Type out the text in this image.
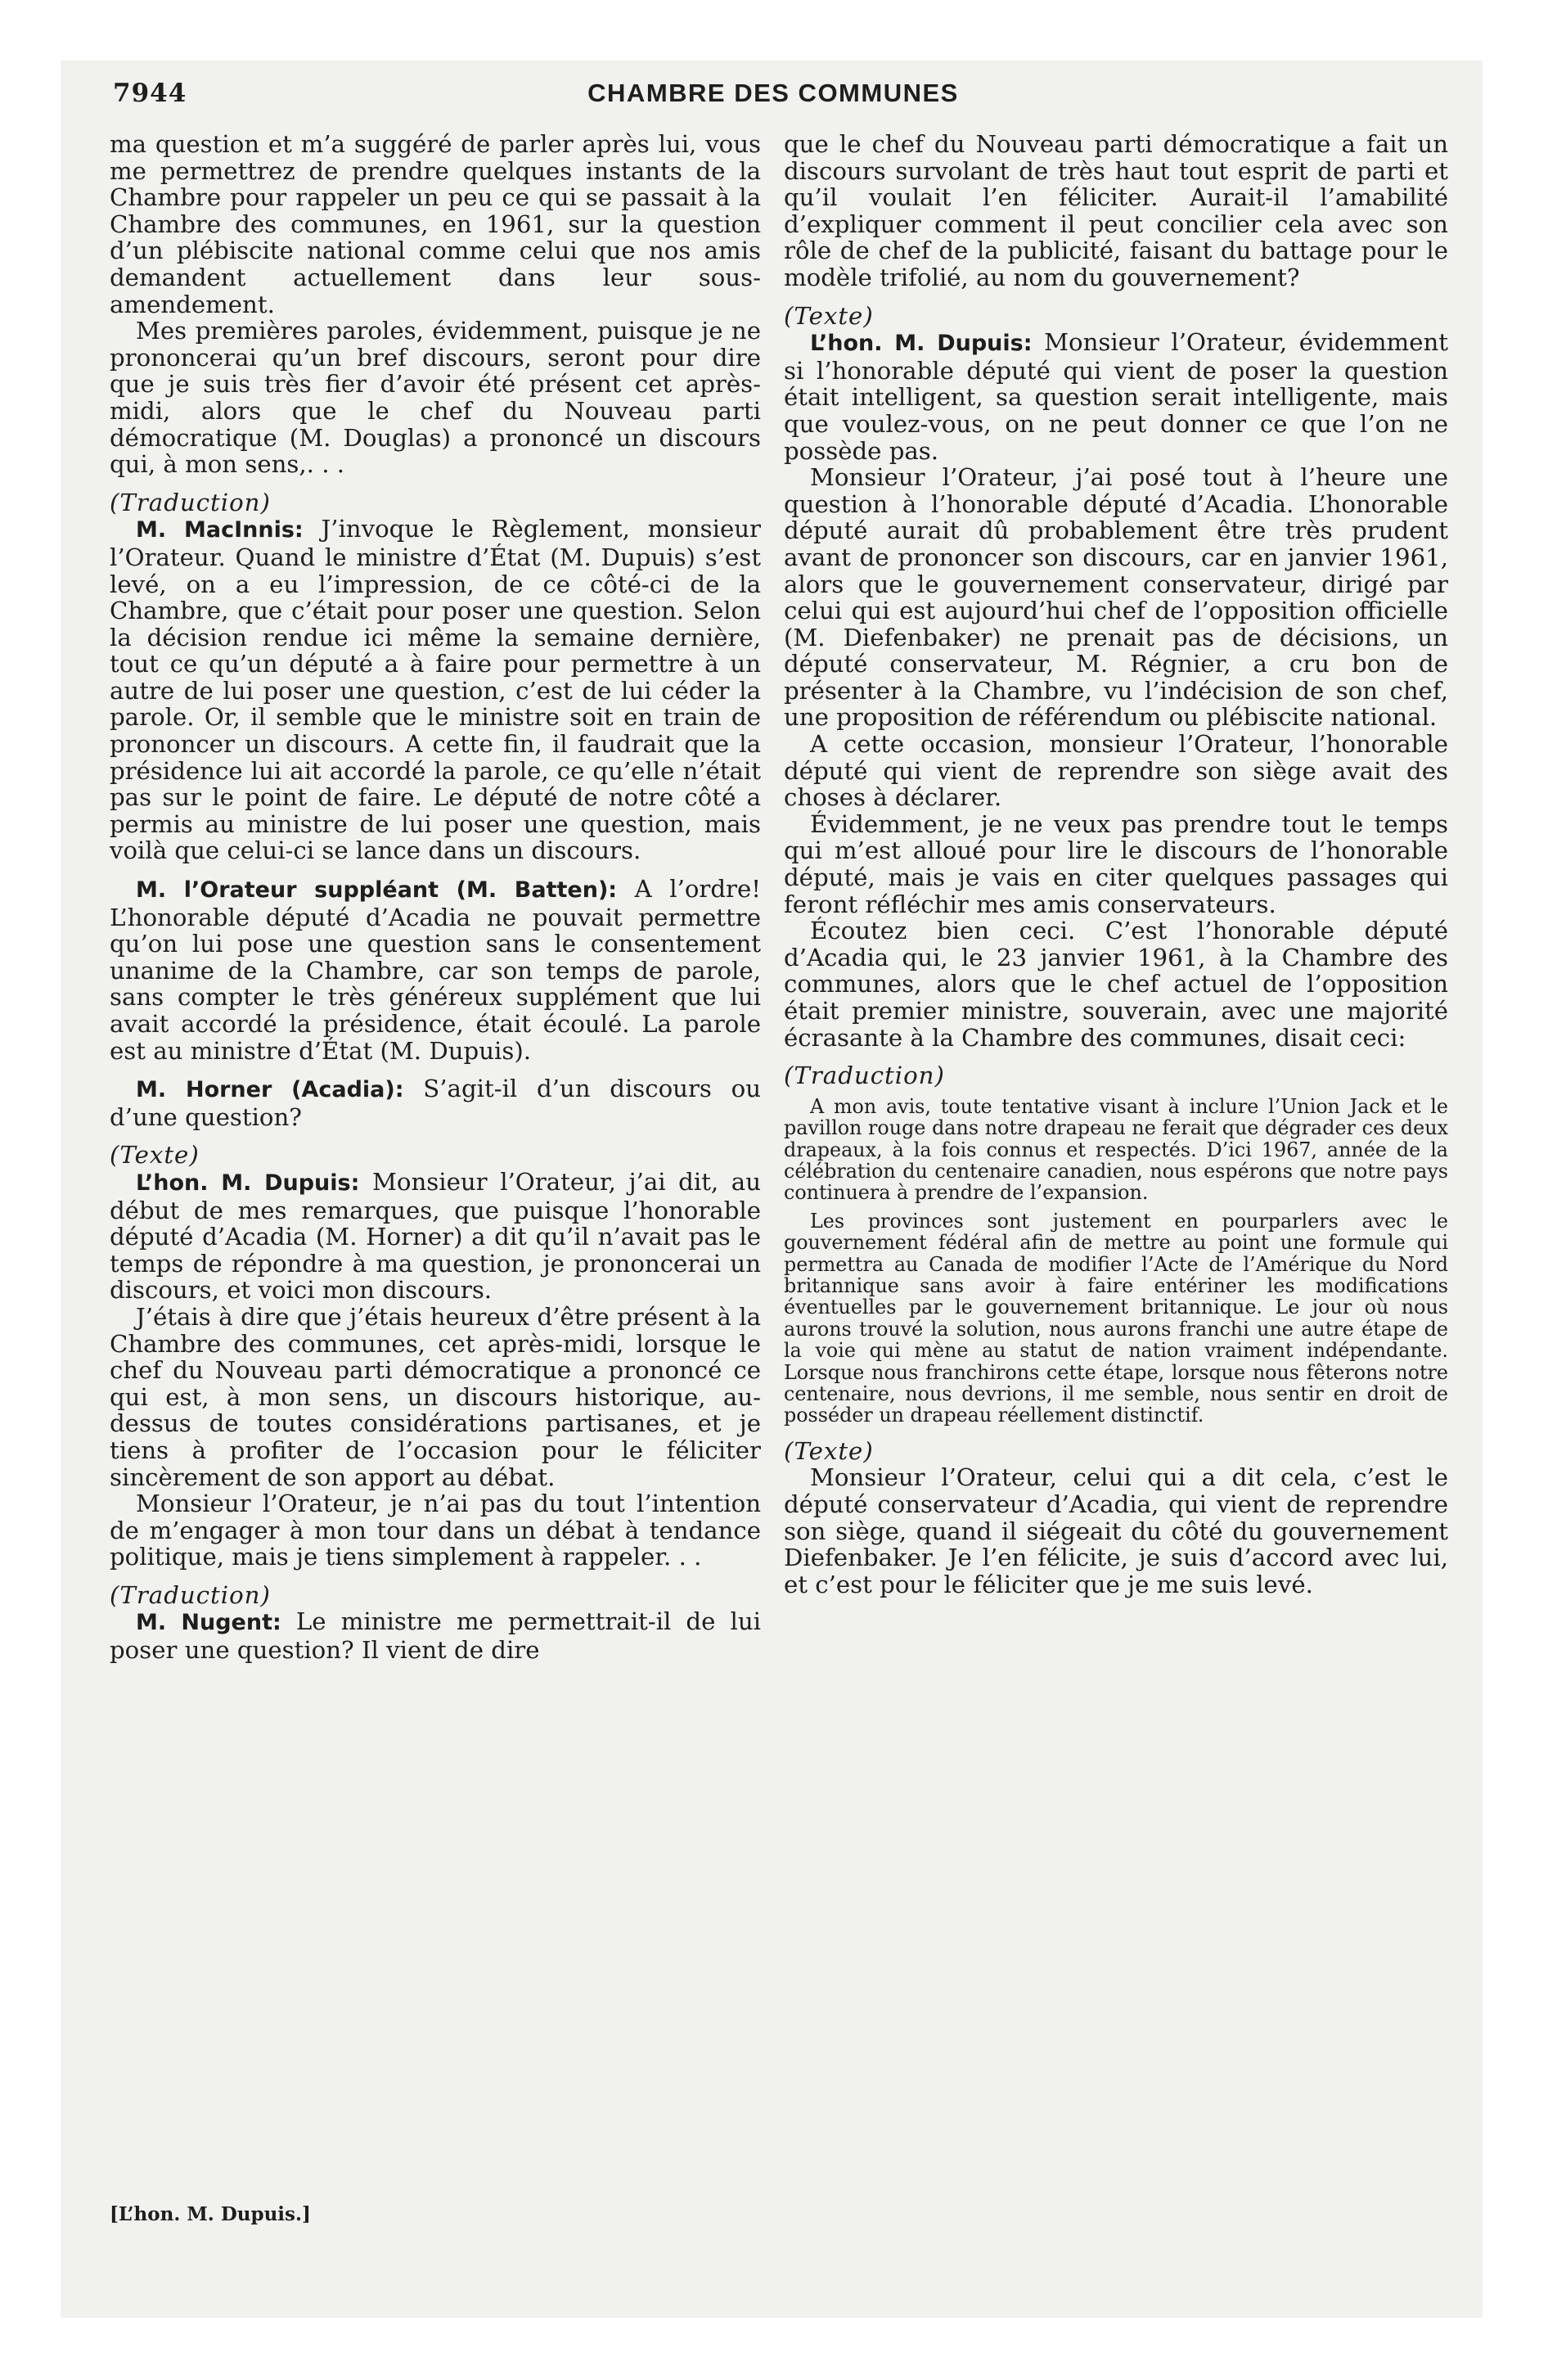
7944	CHAMBRE DES COMMUNES

ma question et m’a suggéré de parler après lui, vous me permettrez de prendre quelques instants de la Chambre pour rappeler un peu ce qui se passait à la Chambre des communes, en 1961, sur la question d’un plébiscite national comme celui que nos amis demandent actuellement dans leur sous-amendement.

Mes premières paroles, évidemment, puisque je ne prononcerai qu’un bref discours, seront pour dire que je suis très fier d’avoir été présent cet après-midi, alors que le chef du Nouveau parti démocratique (M. Douglas) a prononcé un discours qui, à mon sens,. . .

(Traduction)

M. MacInnis: J’invoque le Règlement, monsieur l’Orateur. Quand le ministre d’État (M. Dupuis) s’est levé, on a eu l’impression, de ce côté-ci de la Chambre, que c’était pour poser une question. Selon la décision rendue ici même la semaine dernière, tout ce qu’un député a à faire pour permettre à un autre de lui poser une question, c’est de lui céder la parole. Or, il semble que le ministre soit en train de prononcer un discours. A cette fin, il faudrait que la présidence lui ait accordé la parole, ce qu’elle n’était pas sur le point de faire. Le député de notre côté a permis au ministre de lui poser une question, mais voilà que celui-ci se lance dans un discours.

M. l’Orateur suppléant (M. Batten): A l’ordre! L’honorable député d’Acadia ne pouvait permettre qu’on lui pose une question sans le consentement unanime de la Chambre, car son temps de parole, sans compter le très généreux supplément que lui avait accordé la présidence, était écoulé. La parole est au ministre d’État (M. Dupuis).

M. Horner (Acadia): S’agit-il d’un discours ou d’une question?

(Texte)

L’hon. M. Dupuis: Monsieur l’Orateur, j’ai dit, au début de mes remarques, que puisque l’honorable député d’Acadia (M. Horner) a dit qu’il n’avait pas le temps de répondre à ma question, je prononcerai un discours, et voici mon discours.

J’étais à dire que j’étais heureux d’être présent à la Chambre des communes, cet après-midi, lorsque le chef du Nouveau parti démocratique a prononcé ce qui est, à mon sens, un discours historique, au-dessus de toutes considérations partisanes, et je tiens à profiter de l’occasion pour le féliciter sincèrement de son apport au débat.

Monsieur l’Orateur, je n’ai pas du tout l’intention de m’engager à mon tour dans un débat à tendance politique, mais je tiens simplement à rappeler. . .

(Traduction)

M. Nugent: Le ministre me permettrait-il de lui poser une question? Il vient de dire

[L’hon. M. Dupuis.]

que le chef du Nouveau parti démocratique a fait un discours survolant de très haut tout esprit de parti et qu’il voulait l’en féliciter. Aurait-il l’amabilité d’expliquer comment il peut concilier cela avec son rôle de chef de la publicité, faisant du battage pour le modèle trifolié, au nom du gouvernement?

(Texte)

L’hon. M. Dupuis: Monsieur l’Orateur, évidemment si l’honorable député qui vient de poser la question était intelligent, sa question serait intelligente, mais que voulez-vous, on ne peut donner ce que l’on ne possède pas.

Monsieur l’Orateur, j’ai posé tout à l’heure une question à l’honorable député d’Acadia. L’honorable député aurait dû probablement être très prudent avant de prononcer son discours, car en janvier 1961, alors que le gouvernement conservateur, dirigé par celui qui est aujourd’hui chef de l’opposition officielle (M. Diefenbaker) ne prenait pas de décisions, un député conservateur, M. Régnier, a cru bon de présenter à la Chambre, vu l’indécision de son chef, une proposition de référendum ou plébiscite national.

A cette occasion, monsieur l’Orateur, l’honorable député qui vient de reprendre son siège avait des choses à déclarer.

Évidemment, je ne veux pas prendre tout le temps qui m’est alloué pour lire le discours de l’honorable député, mais je vais en citer quelques passages qui feront réfléchir mes amis conservateurs.

Écoutez bien ceci. C’est l’honorable député d’Acadia qui, le 23 janvier 1961, à la Chambre des communes, alors que le chef actuel de l’opposition était premier ministre, souverain, avec une majorité écrasante à la Chambre des communes, disait ceci:

(Traduction)

A mon avis, toute tentative visant à inclure l’Union Jack et le pavillon rouge dans notre drapeau ne ferait que dégrader ces deux drapeaux, à la fois connus et respectés. D’ici 1967, année de la célébration du centenaire canadien, nous espérons que notre pays continuera à prendre de l’expansion.

Les provinces sont justement en pourparlers avec le gouvernement fédéral afin de mettre au point une formule qui permettra au Canada de modifier l’Acte de l’Amérique du Nord britannique sans avoir à faire entériner les modifications éventuelles par le gouvernement britannique. Le jour où nous aurons trouvé la solution, nous aurons franchi une autre étape de la voie qui mène au statut de nation vraiment indépendante. Lorsque nous franchirons cette étape, lorsque nous fêterons notre centenaire, nous devrions, il me semble, nous sentir en droit de posséder un drapeau réellement distinctif.

(Texte)

Monsieur l’Orateur, celui qui a dit cela, c’est le député conservateur d’Acadia, qui vient de reprendre son siège, quand il siégeait du côté du gouvernement Diefenbaker. Je l’en félicite, je suis d’accord avec lui, et c’est pour le féliciter que je me suis levé.
